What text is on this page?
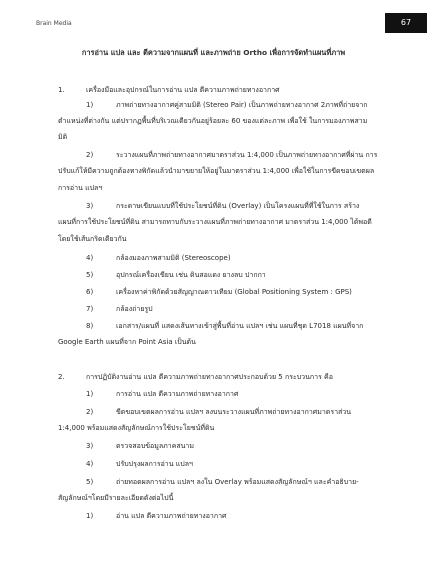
Brain Media	67
การอ่าน แปล และ ตีความจากแผนที่ และภาพถ่าย Ortho เพื่อการจัดทำแผนที่ภาพ
1.	เครื่องมือและอุปกรณ์ในการอ่าน แปล ตีความภาพถ่ายทางอากาศ
1)	ภาพถ่ายทางอากาศคู่สามมิติ (Stereo Pair) เป็นภาพถ่ายทางอากาศ 2ภาพที่ถ่ายจาก
ตำแหน่งที่ต่างกัน แต่ปรากฏพื้นที่บริเวณเดียวกันอยู่ร้อยละ 60 ของแต่ละภาพ เพื่อใช้ ในการมองภาพสาม
มิติ
2)	ระวางแผนที่ภาพถ่ายทางอากาศมาตราส่วน 1:4,000 เป็นภาพถ่ายทางอากาศที่ผ่าน การ
ปรับแก้ให้มีความถูกต้องทางพิกัดแล้วนำมาขยายให้อยู่ในมาตราส่วน 1:4,000 เพื่อใช้ในการขีดขอบเขตผล
การอ่าน แปลฯ
3)	กระดาษเขียนแบบที่ใช้ประโยชน์ที่ดิน (Overlay) เป็นโครงแผนที่ที่ใช้ในการ สร้าง
แผนที่การใช้ประโยชน์ที่ดิน สามารถทาบกับระวางแผนที่ภาพถ่ายทางอากาศ มาตราส่วน 1:4,000 ได้พอดี
โดยใช้เส้นกริดเดียวกัน
4)	กล้องมองภาพสามมิติ (Stereoscope)
5)	อุปกรณ์เครื่องเขียน เช่น ดินสอแดง ยางลบ ปากกา
6)	เครื่องหาค่าพิกัดด้วยสัญญาณดาวเทียม (Global Positioning System : GPS)
7)	กล้องถ่ายรูป
8)	เอกสาร/แผนที่ แสดงเส้นทางเข้าสู่พื้นที่อ่าน แปลฯ เช่น แผนที่ชุด L7018 แผนที่จาก
Google Earth แผนที่จาก Point Asia เป็นต้น
2.	การปฏิบัติงานอ่าน แปล ตีความภาพถ่ายทางอากาศประกอบด้วย 5 กระบวนการ คือ
1)	การอ่าน แปล ตีความภาพถ่ายทางอากาศ
2)	ขีดขอบเขตผลการอ่าน แปลฯ ลงบนระวางแผนที่ภาพถ่ายทางอากาศมาตราส่วน
1:4,000 พร้อมแสดงสัญลักษณ์การใช้ประโยชน์ที่ดิน
3)	ตรวจสอบข้อมูลภาคสนาม
4)	ปรับปรุงผลการอ่าน แปลฯ
5)	ถ่ายทอดผลการอ่าน แปลฯ ลงใน Overlay พร้อมแสดงสัญลักษณ์ฯ และคำอธิบาย-
สัญลักษณ์ฯโดยมีรายละเอียดดังต่อไปนี้
1)	อ่าน แปล ตีความภาพถ่ายทางอากาศ
